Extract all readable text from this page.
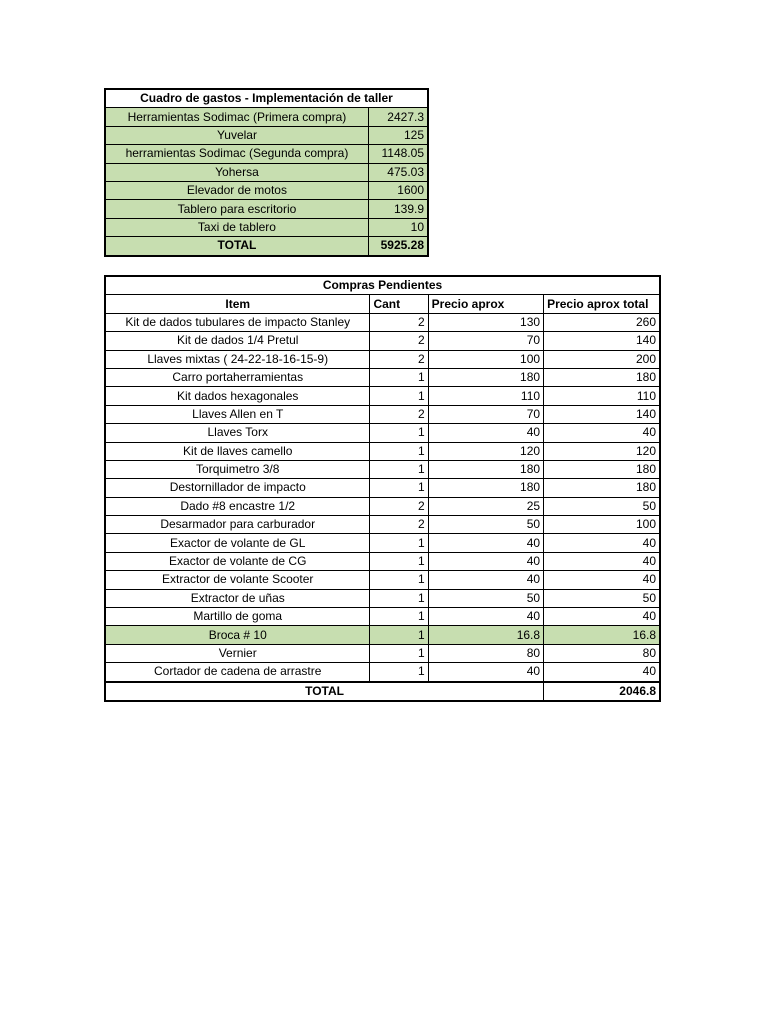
Cuadro de gastos - Implementación de taller	
Herramientas Sodimac (Primera compra)	2427.3
Yuvelar	125
herramientas Sodimac (Segunda compra)	1148.05
Yohersa	475.03
Elevador de motos	1600
Tablero para escritorio	139.9
Taxi de tablero	10
TOTAL	5925.28
Compras Pendientes			
Item	Cant	Precio aprox	Precio aprox total
Kit de dados tubulares de impacto Stanley	2	130	260
Kit de dados 1/4 Pretul	2	70	140
Llaves mixtas ( 24-22-18-16-15-9)	2	100	200
Carro portaherramientas	1	180	180
Kit dados hexagonales	1	110	110
Llaves Allen en T	2	70	140
Llaves Torx	1	40	40
Kit de llaves camello	1	120	120
Torquimetro 3/8	1	180	180
Destornillador de impacto	1	180	180
Dado #8 encastre 1/2	2	25	50
Desarmador para carburador	2	50	100
Exactor de volante de GL	1	40	40
Exactor de volante de CG	1	40	40
Extractor de volante Scooter	1	40	40
Extractor de uñas	1	50	50
Martillo de goma	1	40	40
Broca # 10	1	16.8	16.8
Vernier	1	80	80
Cortador de cadena de arrastre	1	40	40
TOTAL			2046.8
